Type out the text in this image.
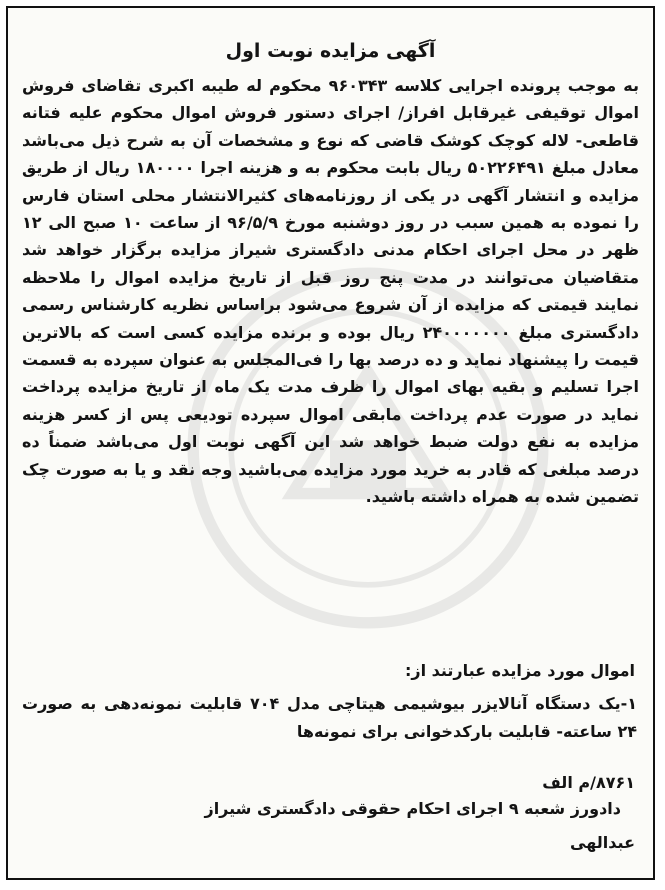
آگهی مزایده نوبت اول

به موجب پرونده اجرایی کلاسه ۹۶۰۳۴۳ محکوم له طیبه اکبری تقاضای فروش اموال توقیفی غیرقابل افراز/ اجرای دستور فروش اموال محکوم علیه فتانه قاطعی- لاله کوچک کوشک قاضی که نوع و مشخصات آن به شرح ذیل می‌باشد معادل مبلغ ۵۰۲۲۶۴۹۱ ریال بابت محکوم به و هزینه اجرا ۱۸۰۰۰۰ ریال از طریق مزایده و انتشار آگهی در یکی از روزنامه‌های کثیرالانتشار محلی استان فارس را نموده به همین سبب در روز دوشنبه مورخ ۹۶/۵/۹ از ساعت ۱۰ صبح الی ۱۲ ظهر در محل اجرای احکام مدنی دادگستری شیراز مزایده برگزار خواهد شد متقاضیان می‌توانند در مدت پنج روز قبل از تاریخ مزایده اموال را ملاحظه نمایند قیمتی که مزایده از آن شروع می‌شود براساس نظریه کارشناس رسمی دادگستری مبلغ ۲۴۰۰۰۰۰۰۰ ریال بوده و برنده مزایده کسی است که بالاترین قیمت را پیشنهاد نماید و ده درصد بها را فی‌المجلس به عنوان سپرده به قسمت اجرا تسلیم و بقیه بهای اموال را ظرف مدت یک ماه از تاریخ مزایده پرداخت نماید در صورت عدم پرداخت مابقی اموال سپرده تودیعی پس از کسر هزینه مزایده به نفع دولت ضبط خواهد شد این آگهی نوبت اول می‌باشد ضمناً ده درصد مبلغی که قادر به خرید مورد مزایده می‌باشید وجه نقد و یا به صورت چک تضمین شده به همراه داشته باشید.

اموال مورد مزایده عبارتند از:
۱-یک دستگاه آنالایزر بیوشیمی هیتاچی مدل ۷۰۴ قابلیت نمونه‌دهی به صورت ۲۴ ساعته- قابلیت بارکدخوانی برای نمونه‌ها
۸۷۶۱/م الف
دادورز شعبه ۹ اجرای احکام حقوقی دادگستری شیراز
عبدالهی
